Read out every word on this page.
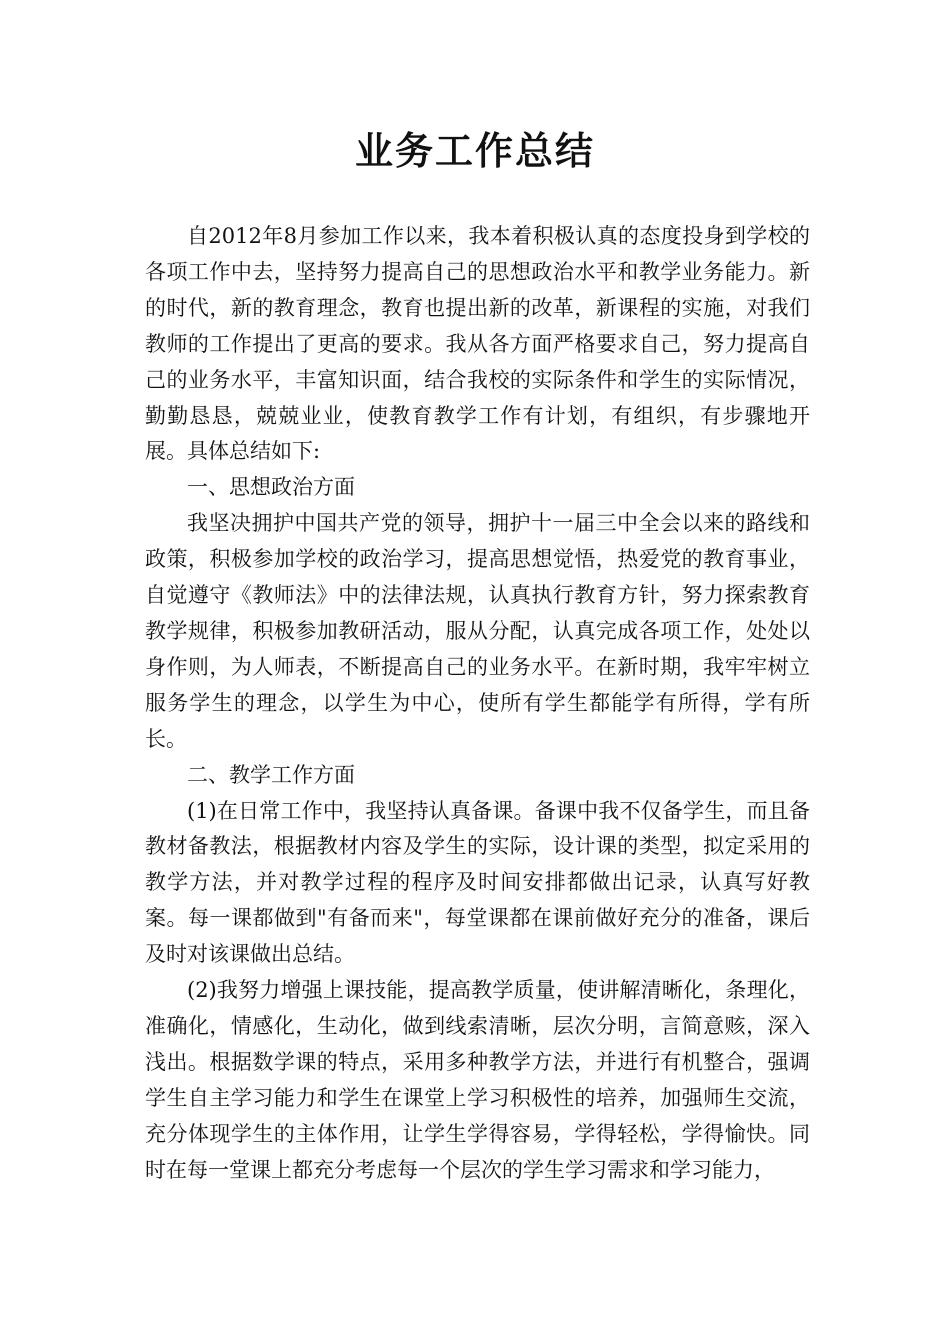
业务工作总结

自2012年8月参加工作以来，我本着积极认真的态度投身到学校的各项工作中去，坚持努力提高自己的思想政治水平和教学业务能力。新的时代，新的教育理念，教育也提出新的改革，新课程的实施，对我们教师的工作提出了更高的要求。我从各方面严格要求自己，努力提高自己的业务水平，丰富知识面，结合我校的实际条件和学生的实际情况，勤勤恳恳，兢兢业业，使教育教学工作有计划，有组织，有步骤地开展。具体总结如下:

一、思想政治方面

我坚决拥护中国共产党的领导，拥护十一届三中全会以来的路线和政策，积极参加学校的政治学习，提高思想觉悟，热爱党的教育事业，自觉遵守《教师法》中的法律法规，认真执行教育方针，努力探索教育教学规律，积极参加教研活动，服从分配，认真完成各项工作，处处以身作则，为人师表，不断提高自己的业务水平。在新时期，我牢牢树立服务学生的理念，以学生为中心，使所有学生都能学有所得，学有所长。

二、教学工作方面

(1)在日常工作中，我坚持认真备课。备课中我不仅备学生，而且备教材备教法，根据教材内容及学生的实际，设计课的类型，拟定采用的教学方法，并对教学过程的程序及时间安排都做出记录，认真写好教案。每一课都做到"有备而来"，每堂课都在课前做好充分的准备，课后及时对该课做出总结。

(2)我努力增强上课技能，提高教学质量，使讲解清晰化，条理化，准确化，情感化，生动化，做到线索清晰，层次分明，言简意赅，深入浅出。根据数学课的特点，采用多种教学方法，并进行有机整合，强调学生自主学习能力和学生在课堂上学习积极性的培养，加强师生交流，充分体现学生的主体作用，让学生学得容易，学得轻松，学得愉快。同时在每一堂课上都充分考虑每一个层次的学生学习需求和学习能力，
